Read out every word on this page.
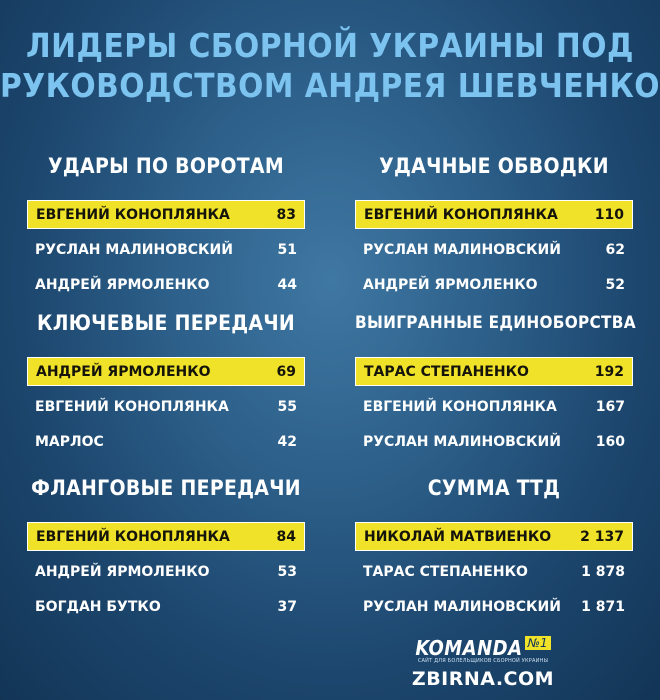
ЛИДЕРЫ СБОРНОЙ УКРАИНЫ ПОД
РУКОВОДСТВОМ АНДРЕЯ ШЕВЧЕНКО
УДАРЫ ПО ВОРОТАМ
ЕВГЕНИЙ КОНОПЛЯНКА	83
РУСЛАН МАЛИНОВСКИЙ	51
АНДРЕЙ ЯРМОЛЕНКО	44
УДАЧНЫЕ ОБВОДКИ
ЕВГЕНИЙ КОНОПЛЯНКА	110
РУСЛАН МАЛИНОВСКИЙ	62
АНДРЕЙ ЯРМОЛЕНКО	52
КЛЮЧЕВЫЕ ПЕРЕДАЧИ
АНДРЕЙ ЯРМОЛЕНКО	69
ЕВГЕНИЙ КОНОПЛЯНКА	55
МАРЛОС	42
ВЫИГРАННЫЕ ЕДИНОБОРСТВА
ТАРАС СТЕПАНЕНКО	192
ЕВГЕНИЙ КОНОПЛЯНКА	167
РУСЛАН МАЛИНОВСКИЙ 160
ФЛАНГОВЫЕ ПЕРЕДАЧИ
ЕВГЕНИЙ КОНОПЛЯНКА	84
АНДРЕЙ ЯРМОЛЕНКО	53
БОГДАН БУТКО	37
СУММА ТТД
НИКОЛАЙ МАТВИЕНКО 2 137
ТАРАС СТЕПАНЕНКО	1 878
РУСЛАН МАЛИНОВСКИЙ 1 871
KOMANDA №1
САЙТ ДЛЯ БОЛЕЛЬЩИКОВ СБОРНОЙ УКРАИНЫ
ZBIRNA.COM
